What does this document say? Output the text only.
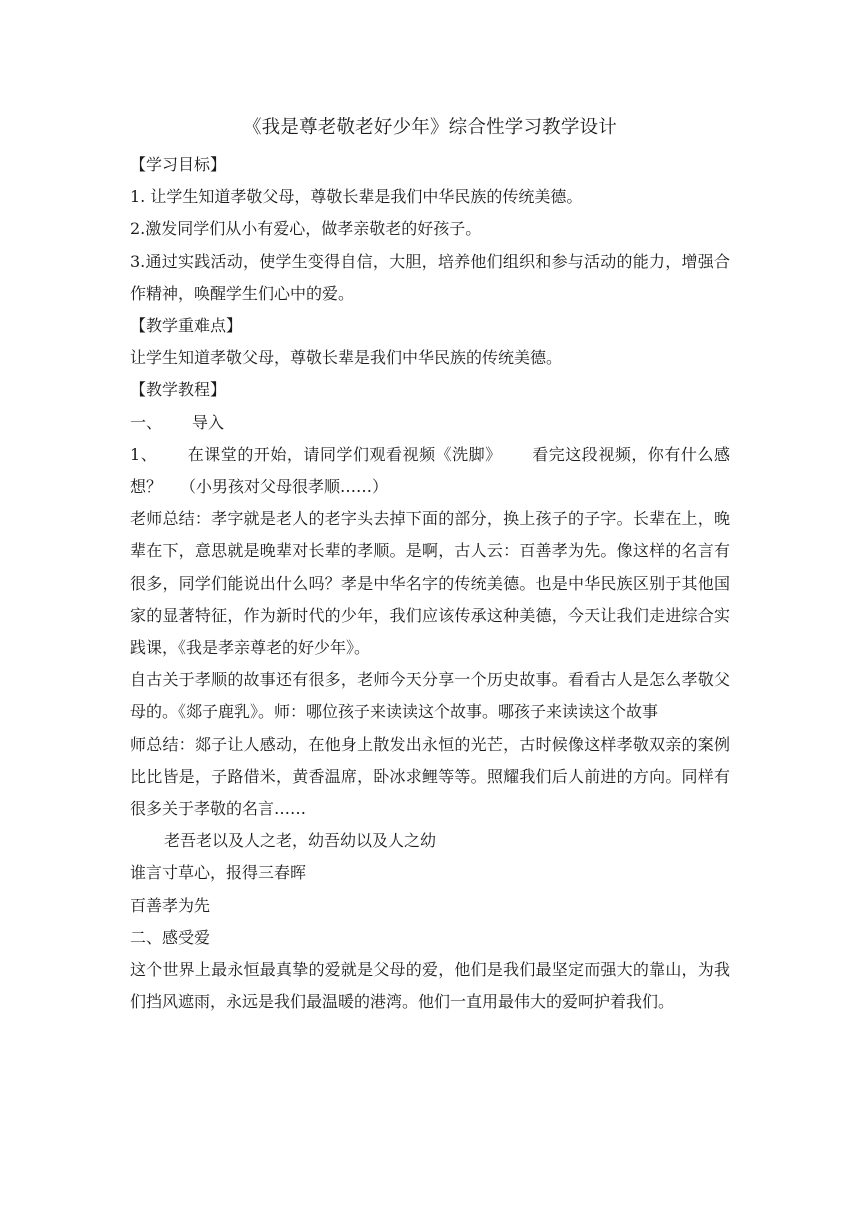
《我是尊老敬老好少年》综合性学习教学设计

【学习目标】

1. 让学生知道孝敬父母，尊敬长辈是我们中华民族的传统美德。

2.激发同学们从小有爱心，做孝亲敬老的好孩子。

3.通过实践活动，使学生变得自信，大胆，培养他们组织和参与活动的能力，增强合作精神，唤醒学生们心中的爱。

【教学重难点】

让学生知道孝敬父母，尊敬长辈是我们中华民族的传统美德。

【教学教程】

一、 导入

1、 在课堂的开始，请同学们观看视频《洗脚》 看完这段视频，你有什么感想？ （小男孩对父母很孝顺……）

老师总结：孝字就是老人的老字头去掉下面的部分，换上孩子的子字。长辈在上，晚辈在下，意思就是晚辈对长辈的孝顺。是啊，古人云：百善孝为先。像这样的名言有很多，同学们能说出什么吗？孝是中华名字的传统美德。也是中华民族区别于其他国家的显著特征，作为新时代的少年，我们应该传承这种美德，今天让我们走进综合实践课，《我是孝亲尊老的好少年》。

自古关于孝顺的故事还有很多，老师今天分享一个历史故事。看看古人是怎么孝敬父母的。《郯子鹿乳》。师：哪位孩子来读读这个故事。哪孩子来读读这个故事

师总结：郯子让人感动，在他身上散发出永恒的光芒，古时候像这样孝敬双亲的案例比比皆是，子路借米，黄香温席，卧冰求鲤等等。照耀我们后人前进的方向。同样有很多关于孝敬的名言……

老吾老以及人之老，幼吾幼以及人之幼

谁言寸草心，报得三春晖

百善孝为先

二、感受爱

这个世界上最永恒最真挚的爱就是父母的爱，他们是我们最坚定而强大的靠山，为我们挡风遮雨，永远是我们最温暖的港湾。他们一直用最伟大的爱呵护着我们。
